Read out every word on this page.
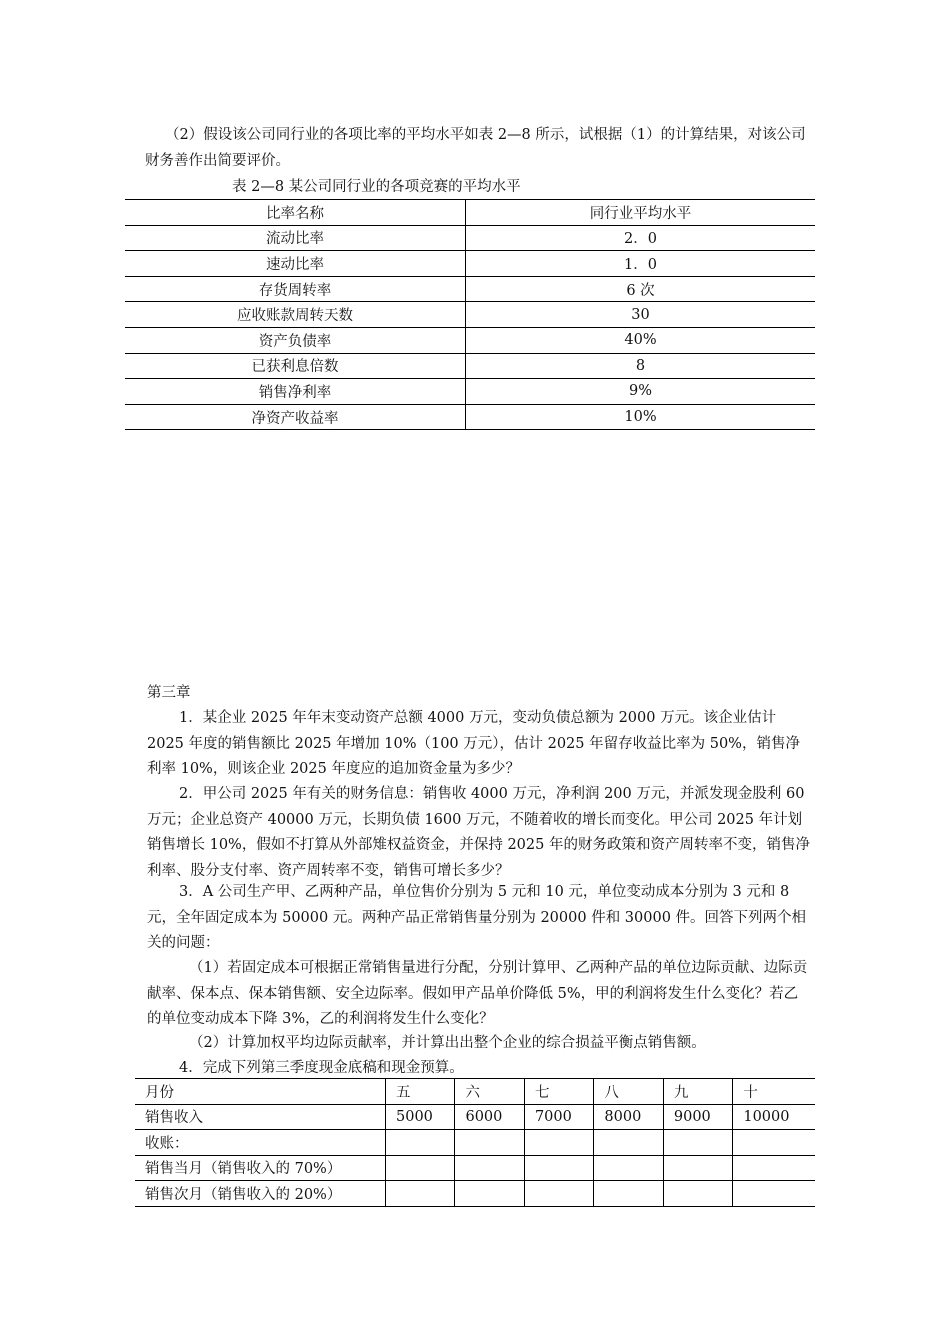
（2）假设该公司同行业的各项比率的平均水平如表 2—8 所示，试根据（1）的计算结果，对该公司财务善作出简要评价。
表 2—8 某公司同行业的各项竞赛的平均水平
比率名称	同行业平均水平
流动比率	2．0
速动比率	1．0
存货周转率	6 次
应收账款周转天数	30
资产负债率	40%
已获利息倍数	8
销售净利率	9%
净资产收益率	10%
第三章
1．某企业 2025 年年末变动资产总额 4000 万元，变动负债总额为 2000 万元。该企业估计 2025 年度的销售额比 2025 年增加 10%（100 万元），估计 2025 年留存收益比率为 50%，销售净利率 10%，则该企业 2025 年度应的追加资金量为多少？
2．甲公司 2025 年有关的财务信息：销售收 4000 万元，净利润 200 万元，并派发现金股利 60 万元；企业总资产 40000 万元，长期负债 1600 万元，不随着收的增长而变化。甲公司 2025 年计划销售增长 10%，假如不打算从外部雉权益资金，并保持 2025 年的财务政策和资产周转率不变，销售净利率、股分支付率、资产周转率不变，销售可增长多少？
3．A 公司生产甲、乙两种产品，单位售价分别为 5 元和 10 元，单位变动成本分别为 3 元和 8 元，全年固定成本为 50000 元。两种产品正常销售量分别为 20000 件和 30000 件。回答下列两个相关的问题：
（1）若固定成本可根据正常销售量进行分配，分别计算甲、乙两种产品的单位边际贡献、边际贡献率、保本点、保本销售额、安全边际率。假如甲产品单价降低 5%，甲的利润将发生什么变化？若乙的单位变动成本下降 3%，乙的利润将发生什么变化？
（2）计算加权平均边际贡献率，并计算出出整个企业的综合损益平衡点销售额。
4．完成下列第三季度现金底稿和现金预算。
月份	五	六	七	八	九	十
销售收入	5000	6000	7000	8000	9000	10000
收账：						
销售当月（销售收入的 70%）						
销售次月（销售收入的 20%）						
